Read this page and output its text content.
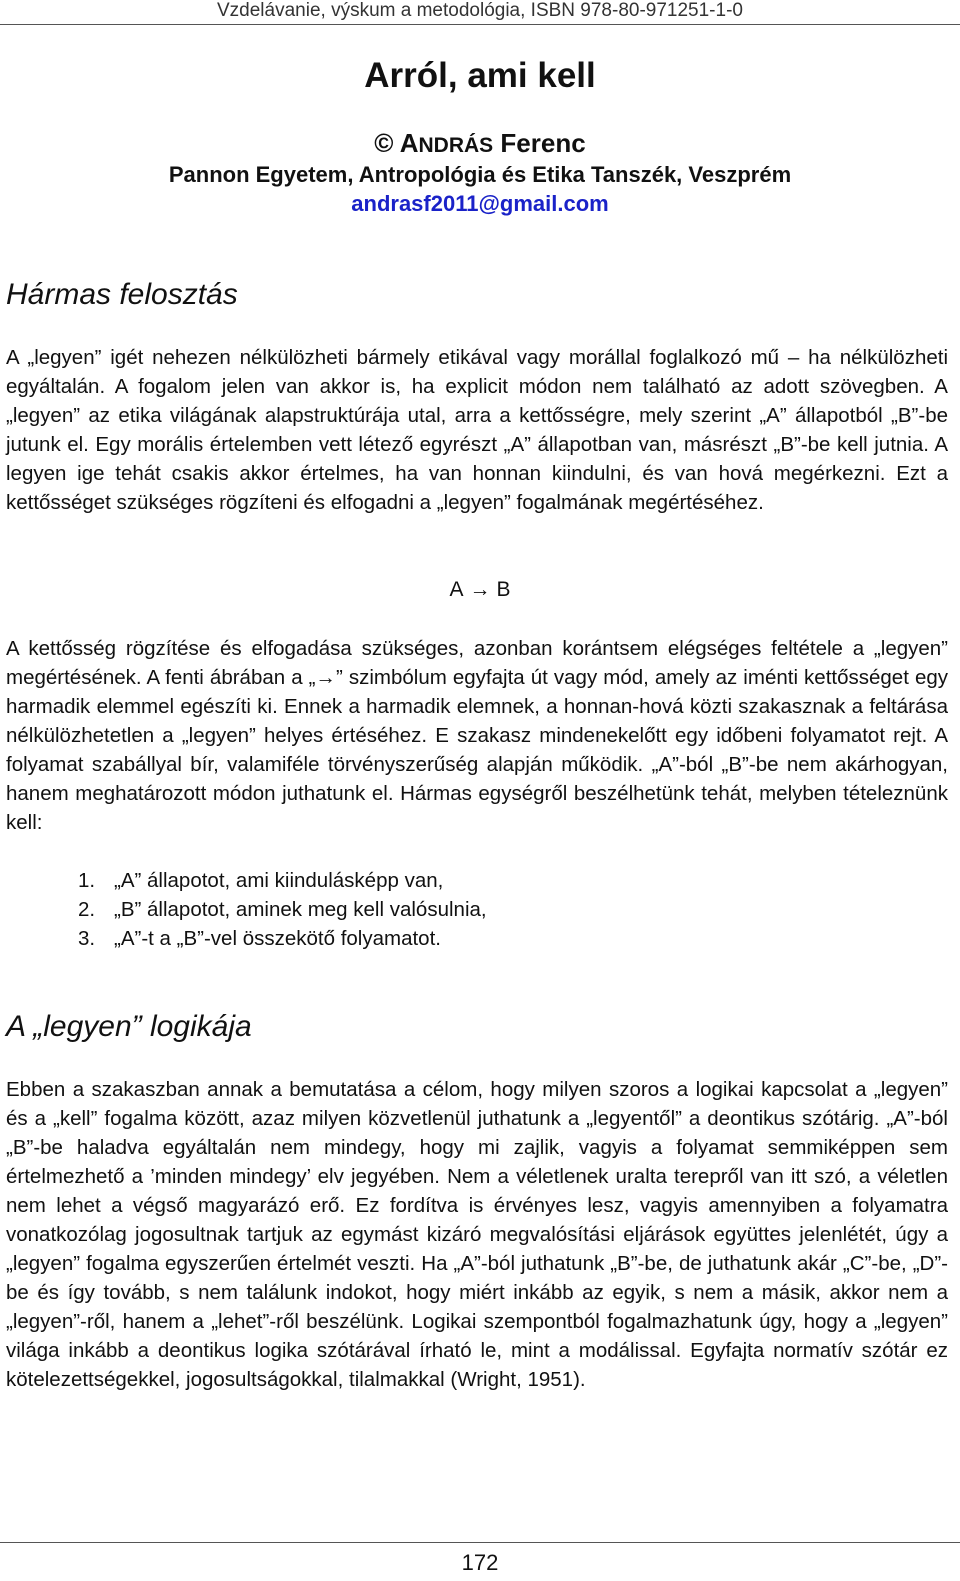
Vzdelávanie, výskum a metodológia, ISBN 978-80-971251-1-0
Arról, ami kell
© ANDRÁS Ferenc
Pannon Egyetem, Antropológia és Etika Tanszék, Veszprém
andrasf2011@gmail.com
Hármas felosztás

A „legyen” igét nehezen nélkülözheti bármely etikával vagy morállal foglalkozó mű – ha nélkülözheti egyáltalán. A fogalom jelen van akkor is, ha explicit módon nem található az adott szövegben. A „legyen” az etika világának alapstruktúrája utal, arra a kettősségre, mely szerint „A” állapotból „B”-be jutunk el. Egy morális értelemben vett létező egyrészt „A” állapotban van, másrészt „B”-be kell jutnia. A legyen ige tehát csakis akkor értelmes, ha van honnan kiindulni, és van hová megérkezni. Ezt a kettősséget szükséges rögzíteni és elfogadni a „legyen” fogalmának megértéséhez.

A → B

A kettősség rögzítése és elfogadása szükséges, azonban korántsem elégséges feltétele a „legyen” megértésének. A fenti ábrában a „→” szimbólum egyfajta út vagy mód, amely az iménti kettősséget egy harmadik elemmel egészíti ki. Ennek a harmadik elemnek, a honnan-hová közti szakasznak a feltárása nélkülözhetetlen a „legyen” helyes értéséhez. E szakasz mindenekelőtt egy időbeni folyamatot rejt. A folyamat szabállyal bír, valamiféle törvényszerűség alapján működik. „A”-ból „B”-be nem akárhogyan, hanem meghatározott módon juthatunk el. Hármas egységről beszélhetünk tehát, melyben tételeznünk kell:

1. „A” állapotot, ami kiindulásképp van,
2. „B” állapotot, aminek meg kell valósulnia,
3. „A”-t a „B”-vel összekötő folyamatot.
A „legyen” logikája

Ebben a szakaszban annak a bemutatása a célom, hogy milyen szoros a logikai kapcsolat a „legyen” és a „kell” fogalma között, azaz milyen közvetlenül juthatunk a „legyentől” a deontikus szótárig. „A”-ból „B”-be haladva egyáltalán nem mindegy, hogy mi zajlik, vagyis a folyamat semmiképpen sem értelmezhető a ’minden mindegy’ elv jegyében. Nem a véletlenek uralta terepről van itt szó, a véletlen nem lehet a végső magyarázó erő. Ez fordítva is érvényes lesz, vagyis amennyiben a folyamatra vonatkozólag jogosultnak tartjuk az egymást kizáró megvalósítási eljárások együttes jelenlétét, úgy a „legyen” fogalma egyszerűen értelmét veszti. Ha „A”-ból juthatunk „B”-be, de juthatunk akár „C”-be, „D”-be és így tovább, s nem találunk indokot, hogy miért inkább az egyik, s nem a másik, akkor nem a „legyen”-ről, hanem a „lehet”-ről beszélünk. Logikai szempontból fogalmazhatunk úgy, hogy a „legyen” világa inkább a deontikus logika szótárával írható le, mint a modálissal. Egyfajta normatív szótár ez kötelezettségekkel, jogosultságokkal, tilalmakkal (Wright, 1951).

172
